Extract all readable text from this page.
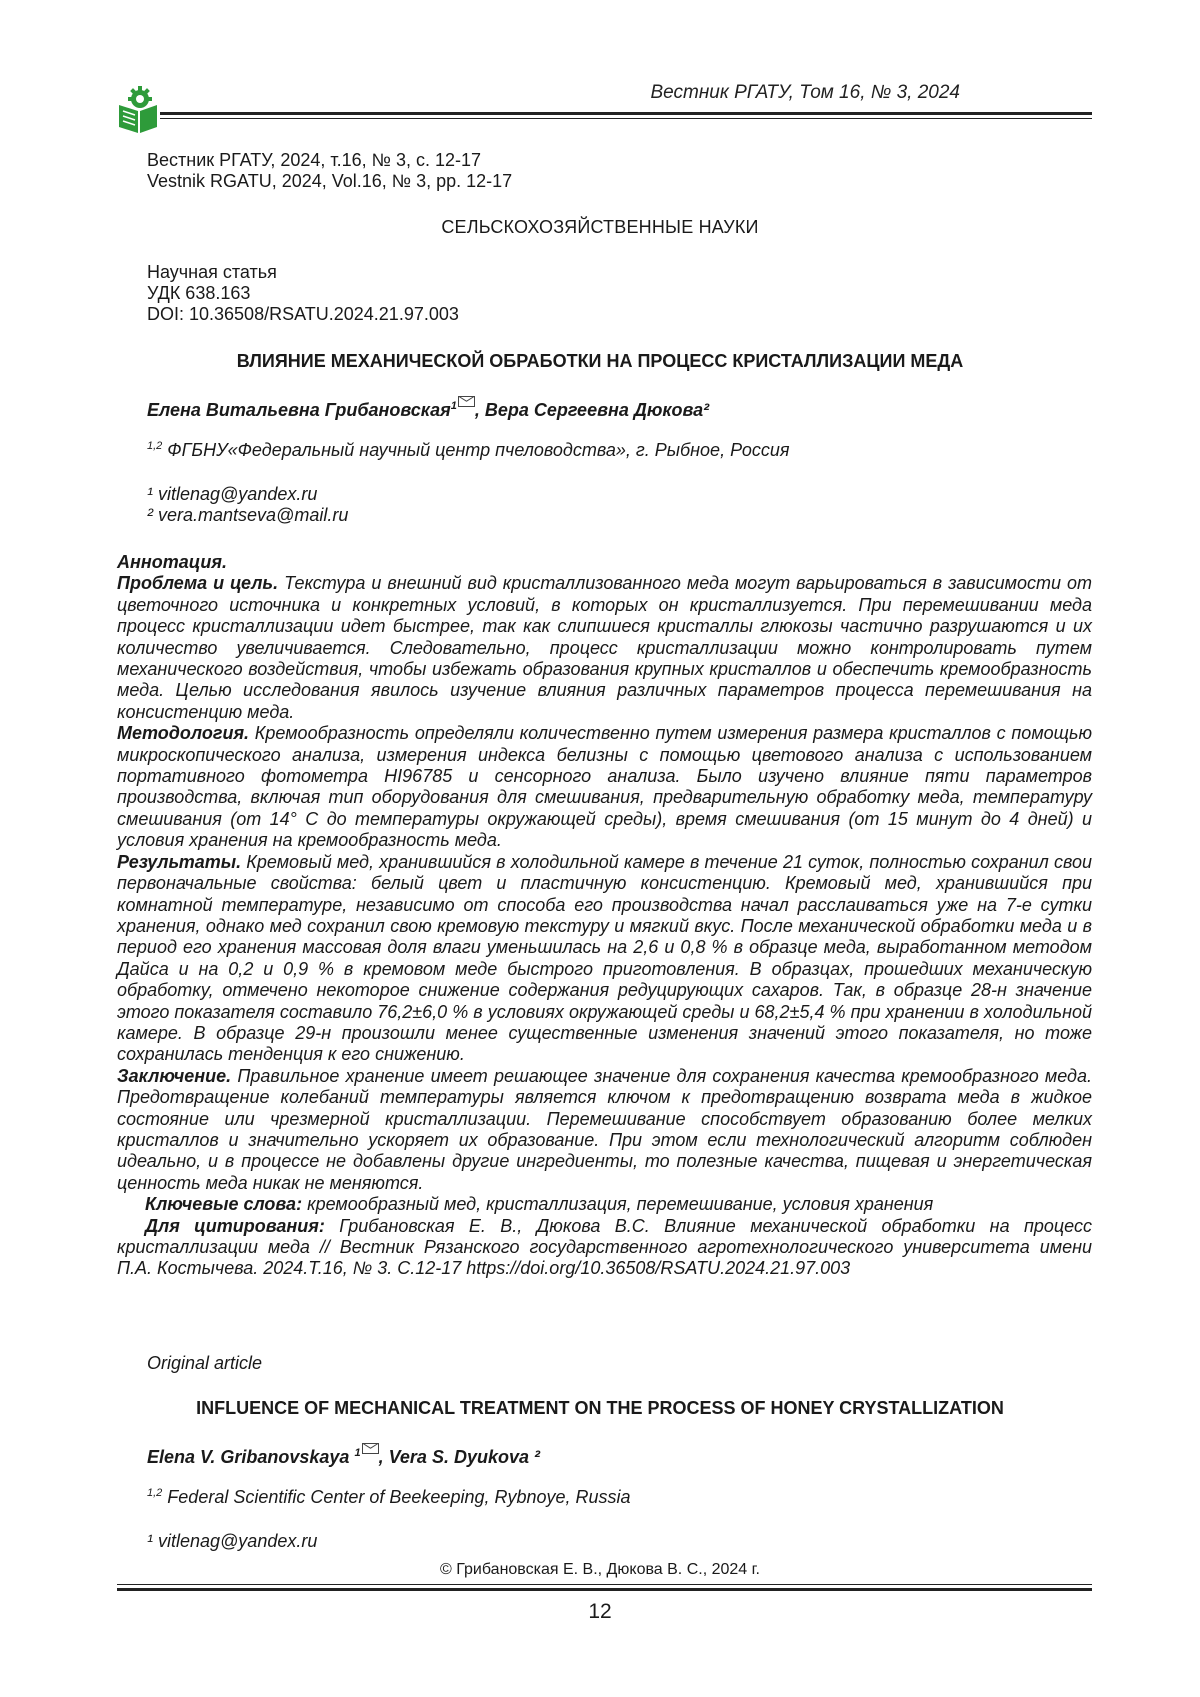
Вестник РГАТУ, Том 16, № 3, 2024
Вестник РГАТУ, 2024, т.16, № 3, с. 12-17
Vestnik RGATU, 2024, Vol.16, № 3, pp. 12-17
СЕЛЬСКОХОЗЯЙСТВЕННЫЕ НАУКИ
Научная статья
УДК 638.163
DOI: 10.36508/RSATU.2024.21.97.003
ВЛИЯНИЕ МЕХАНИЧЕСКОЙ ОБРАБОТКИ НА ПРОЦЕСС КРИСТАЛЛИЗАЦИИ МЕДА
Елена Витальевна Грибановская$^1$ , Вера Сергеевна Дюкова²
$^{1,2}$ ФГБНУ«Федеральный научный центр пчеловодства», г. Рыбное, Россия
¹ vitlenag@yandex.ru
² vera.mantseva@mail.ru
Аннотация.
Проблема и цель. Текстура и внешний вид кристаллизованного меда могут варьироваться в зависимости от цветочного источника и конкретных условий, в которых он кристаллизуется. При перемешивании меда процесс кристаллизации идет быстрее, так как слипшиеся кристаллы глюкозы частично разрушаются и их количество увеличивается. Следовательно, процесс кристаллизации можно контролировать путем механического воздействия, чтобы избежать образования крупных кристаллов и обеспечить кремообразность меда. Целью исследования явилось изучение влияния различных параметров процесса перемешивания на консистенцию меда.
Методология. Кремообразность определяли количественно путем измерения размера кристаллов с помощью микроскопического анализа, измерения индекса белизны с помощью цветового анализа с использованием портативного фотометра HI96785 и сенсорного анализа. Было изучено влияние пяти параметров производства, включая тип оборудования для смешивания, предварительную обработку меда, температуру смешивания (от 14° С до температуры окружающей среды), время смешивания (от 15 минут до 4 дней) и условия хранения на кремообразность меда.
Результаты. Кремовый мед, хранившийся в холодильной камере в течение 21 суток, полностью сохранил свои первоначальные свойства: белый цвет и пластичную консистенцию. Кремовый мед, хранившийся при комнатной температуре, независимо от способа его производства начал расслаиваться уже на 7-е сутки хранения, однако мед сохранил свою кремовую текстуру и мягкий вкус. После механической обработки меда и в период его хранения массовая доля влаги уменьшилась на 2,6 и 0,8 % в образце меда, выработанном методом Дайса и на 0,2 и 0,9 % в кремовом меде быстрого приготовления. В образцах, прошедших механическую обработку, отмечено некоторое снижение содержания редуцирующих сахаров. Так, в образце 28-н значение этого показателя составило 76,2±6,0 % в условиях окружающей среды и 68,2±5,4 % при хранении в холодильной камере. В образце 29-н произошли менее существенные изменения значений этого показателя, но тоже сохранилась тенденция к его снижению.
Заключение. Правильное хранение имеет решающее значение для сохранения качества кремообразного меда. Предотвращение колебаний температуры является ключом к предотвращению возврата меда в жидкое состояние или чрезмерной кристаллизации. Перемешивание способствует образованию более мелких кристаллов и значительно ускоряет их образование. При этом если технологический алгоритм соблюден идеально, и в процессе не добавлены другие ингредиенты, то полезные качества, пищевая и энергетическая ценность меда никак не меняются.
Ключевые слова: кремообразный мед, кристаллизация, перемешивание, условия хранения
Для цитирования: Грибановская Е. В., Дюкова В.С. Влияние механической обработки на процесс кристаллизации меда // Вестник Рязанского государственного агротехнологического университета имени П.А. Костычева. 2024.Т.16, № 3. С.12-17 https://doi.org/10.36508/RSATU.2024.21.97.003
Original article
INFLUENCE OF MECHANICAL TREATMENT ON THE PROCESS OF HONEY CRYSTALLIZATION
Elena V. Gribanovskaya $^1$ , Vera S. Dyukova ²
$^{1,2}$ Federal Scientific Center of Beekeeping, Rybnoye, Russia
¹ vitlenag@yandex.ru
© Грибановская Е. В., Дюкова В. С., 2024 г.
12
